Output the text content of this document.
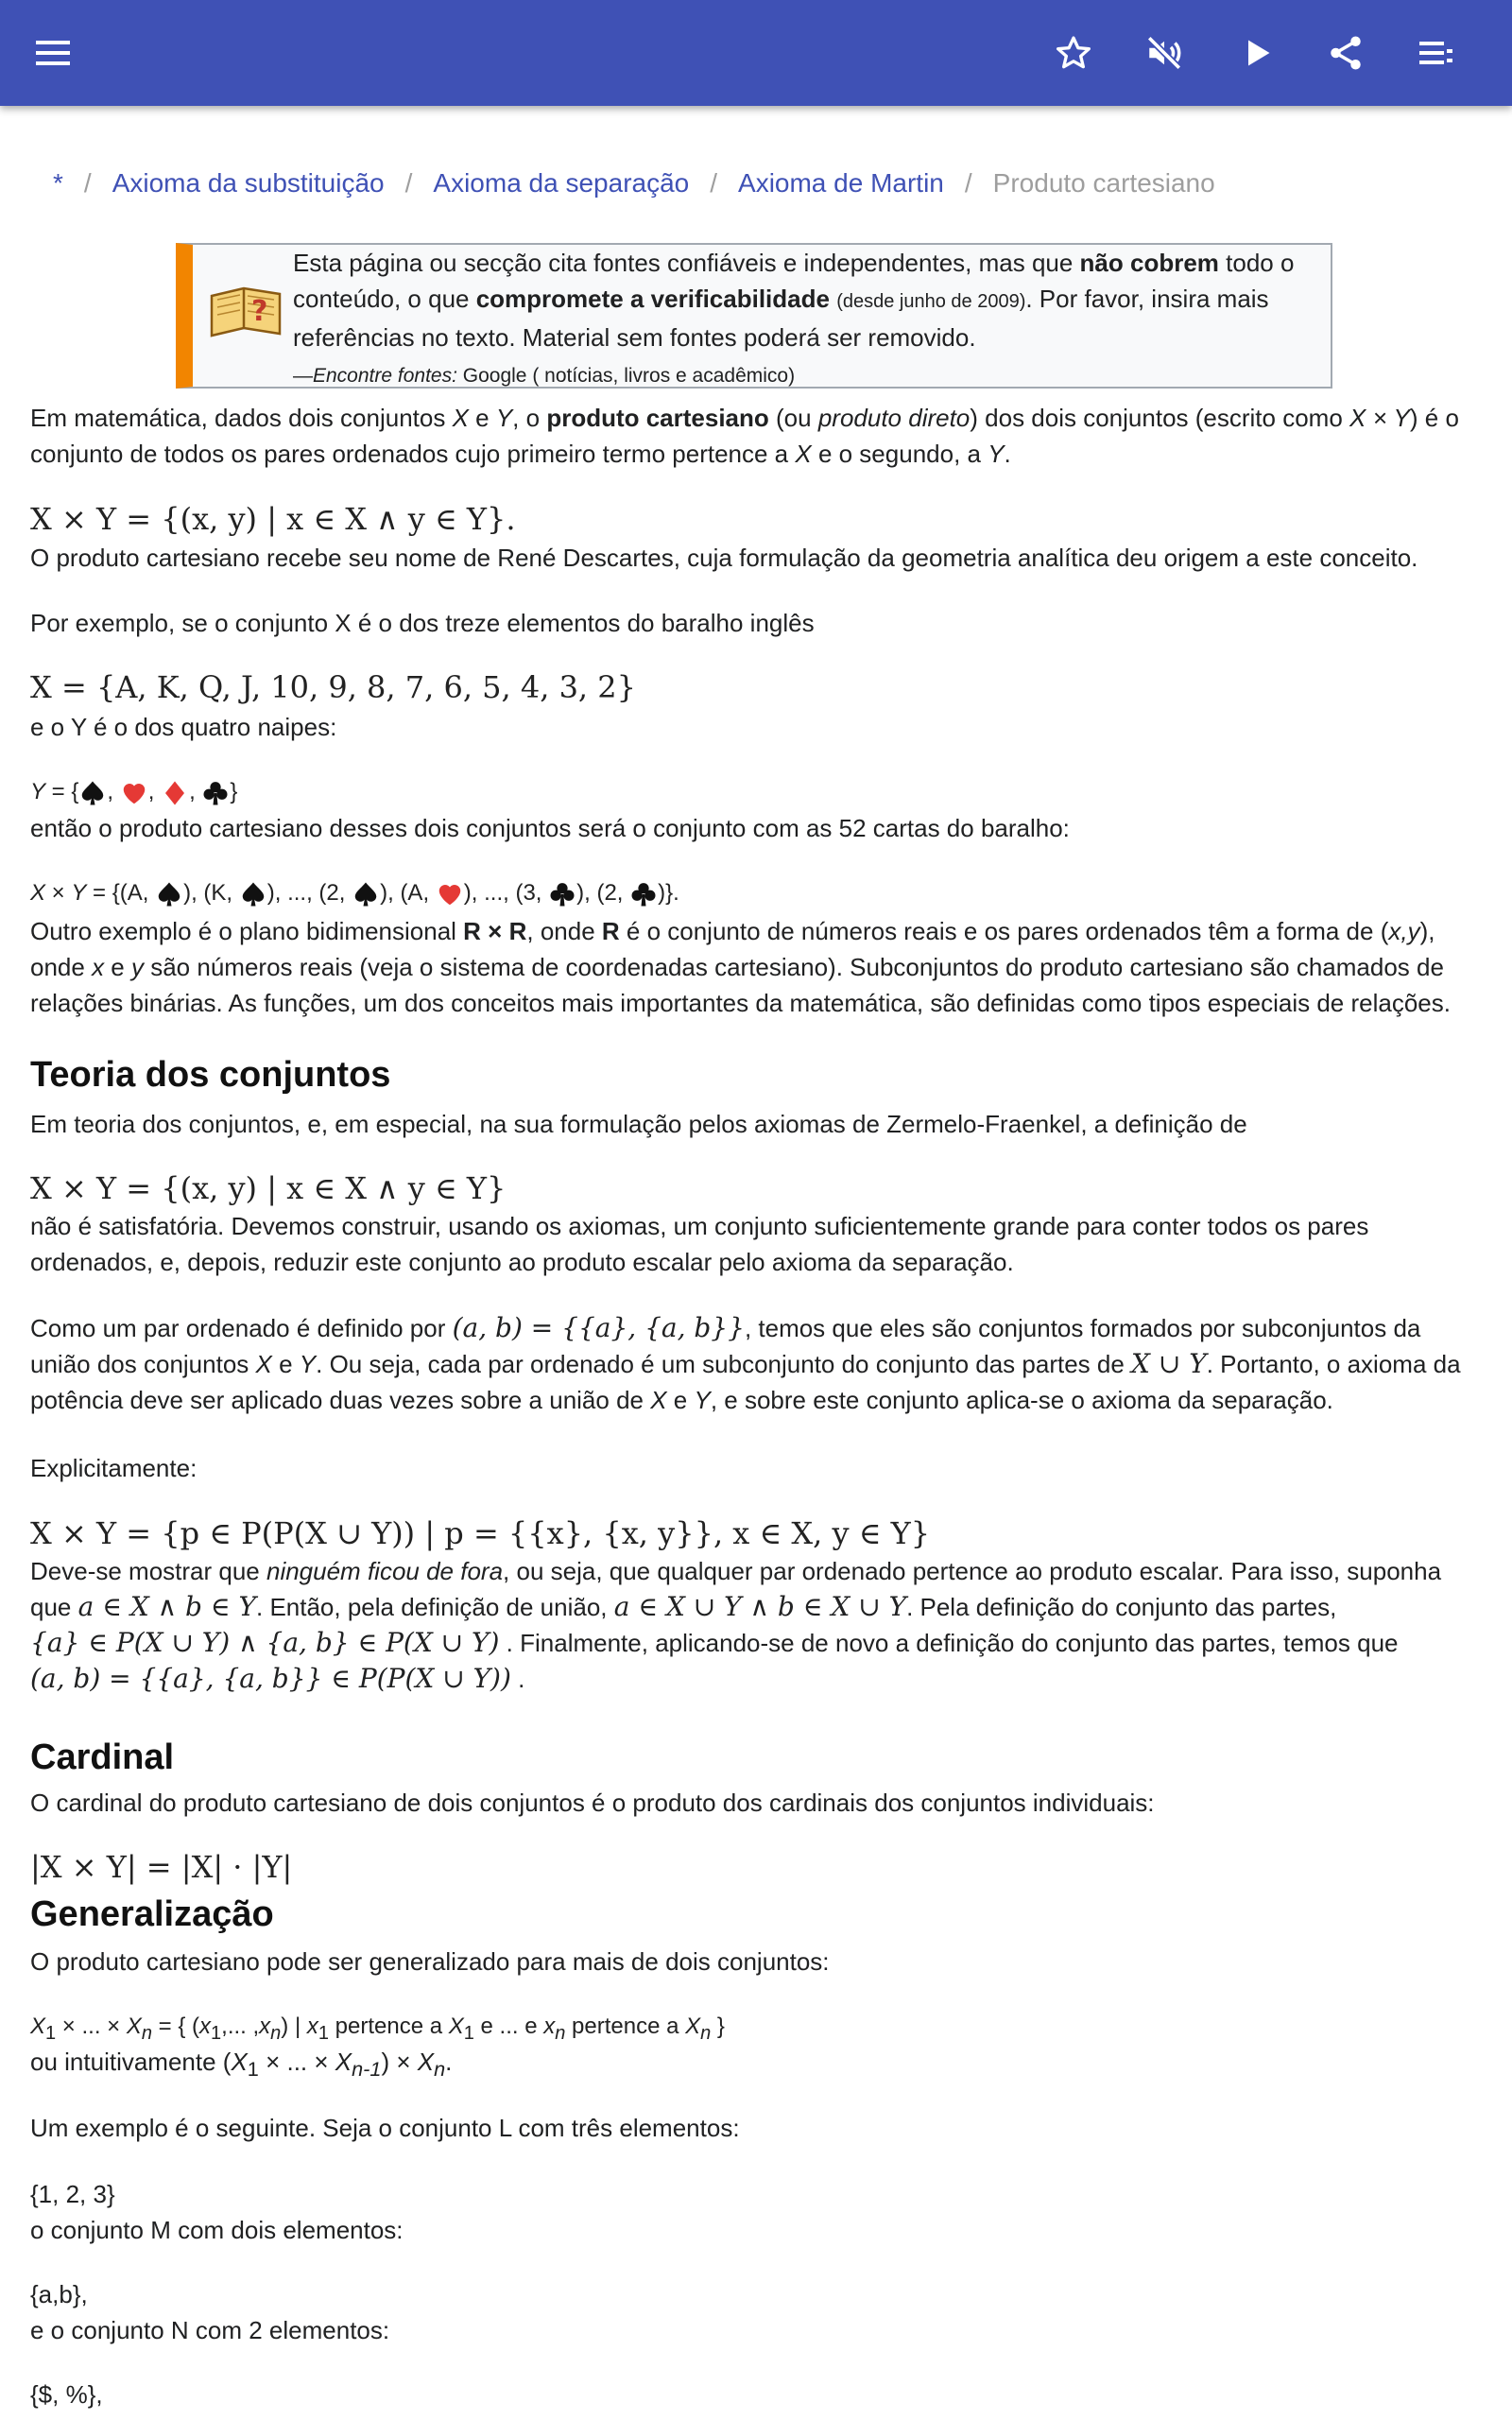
* / Axioma da substituição / Axioma da separação / Axioma de Martin / Produto cartesiano
?
Esta página ou secção cita fontes confiáveis e independentes, mas que não cobrem todo o conteúdo, o que compromete a verificabilidade (desde junho de 2009). Por favor, insira mais referências no texto. Material sem fontes poderá ser removido.
—Encontre fontes: Google ( notícias, livros e acadêmico)

Em matemática, dados dois conjuntos X e Y, o produto cartesiano (ou produto direto) dos dois conjuntos (escrito como X × Y) é o conjunto de todos os pares ordenados cujo primeiro termo pertence a X e o segundo, a Y.

X × Y = {(x, y) | x ∈ X ∧ y ∈ Y}.

O produto cartesiano recebe seu nome de René Descartes, cuja formulação da geometria analítica deu origem a este conceito.

Por exemplo, se o conjunto X é o dos treze elementos do baralho inglês

X = {A, K, Q, J, 10, 9, 8, 7, 6, 5, 4, 3, 2}

e o Y é o dos quatro naipes:

Y = { , , , }

então o produto cartesiano desses dois conjuntos será o conjunto com as 52 cartas do baralho:

X × Y = {(A, ), (K, ), ..., (2, ), (A, ), ..., (3, ), (2, )}.

Outro exemplo é o plano bidimensional R × R, onde R é o conjunto de números reais e os pares ordenados têm a forma de (x,y), onde x e y são números reais (veja o sistema de coordenadas cartesiano). Subconjuntos do produto cartesiano são chamados de relações binárias. As funções, um dos conceitos mais importantes da matemática, são definidas como tipos especiais de relações.

Teoria dos conjuntos

Em teoria dos conjuntos, e, em especial, na sua formulação pelos axiomas de Zermelo-Fraenkel, a definição de

X × Y = {(x, y) | x ∈ X ∧ y ∈ Y}

não é satisfatória. Devemos construir, usando os axiomas, um conjunto suficientemente grande para conter todos os pares ordenados, e, depois, reduzir este conjunto ao produto escalar pelo axioma da separação.

Como um par ordenado é definido por (a, b) = {{a}, {a, b}}, temos que eles são conjuntos formados por subconjuntos da união dos conjuntos X e Y. Ou seja, cada par ordenado é um subconjunto do conjunto das partes de X ∪ Y. Portanto, o axioma da potência deve ser aplicado duas vezes sobre a união de X e Y, e sobre este conjunto aplica-se o axioma da separação.

Explicitamente:

X × Y = {p ∈ P(P(X ∪ Y)) | p = {{x}, {x, y}}, x ∈ X, y ∈ Y}

Deve-se mostrar que ninguém ficou de fora, ou seja, que qualquer par ordenado pertence ao produto escalar. Para isso, suponha que a ∈ X ∧ b ∈ Y. Então, pela definição de união, a ∈ X ∪ Y ∧ b ∈ X ∪ Y. Pela definição do conjunto das partes,
{a} ∈ P(X ∪ Y) ∧ {a, b} ∈ P(X ∪ Y) . Finalmente, aplicando-se de novo a definição do conjunto das partes, temos que
(a, b) = {{a}, {a, b}} ∈ P(P(X ∪ Y)) .

Cardinal

O cardinal do produto cartesiano de dois conjuntos é o produto dos cardinais dos conjuntos individuais:

|X × Y| = |X| · |Y|
Generalização

O produto cartesiano pode ser generalizado para mais de dois conjuntos:

$X_1$ × ... × $X_n$ = { ($x_1$,... $,x_n$) | $x_1$ pertence a $X_1$ e ... e $x_n$ pertence a $X_n$ }

ou intuitivamente ($X_1$ × ... × $X_{n-1}) \times X_n$.

Um exemplo é o seguinte. Seja o conjunto L com três elementos:

{1, 2, 3}

o conjunto M com dois elementos:

{a,b},

e o conjunto N com 2 elementos:

{$, %},
